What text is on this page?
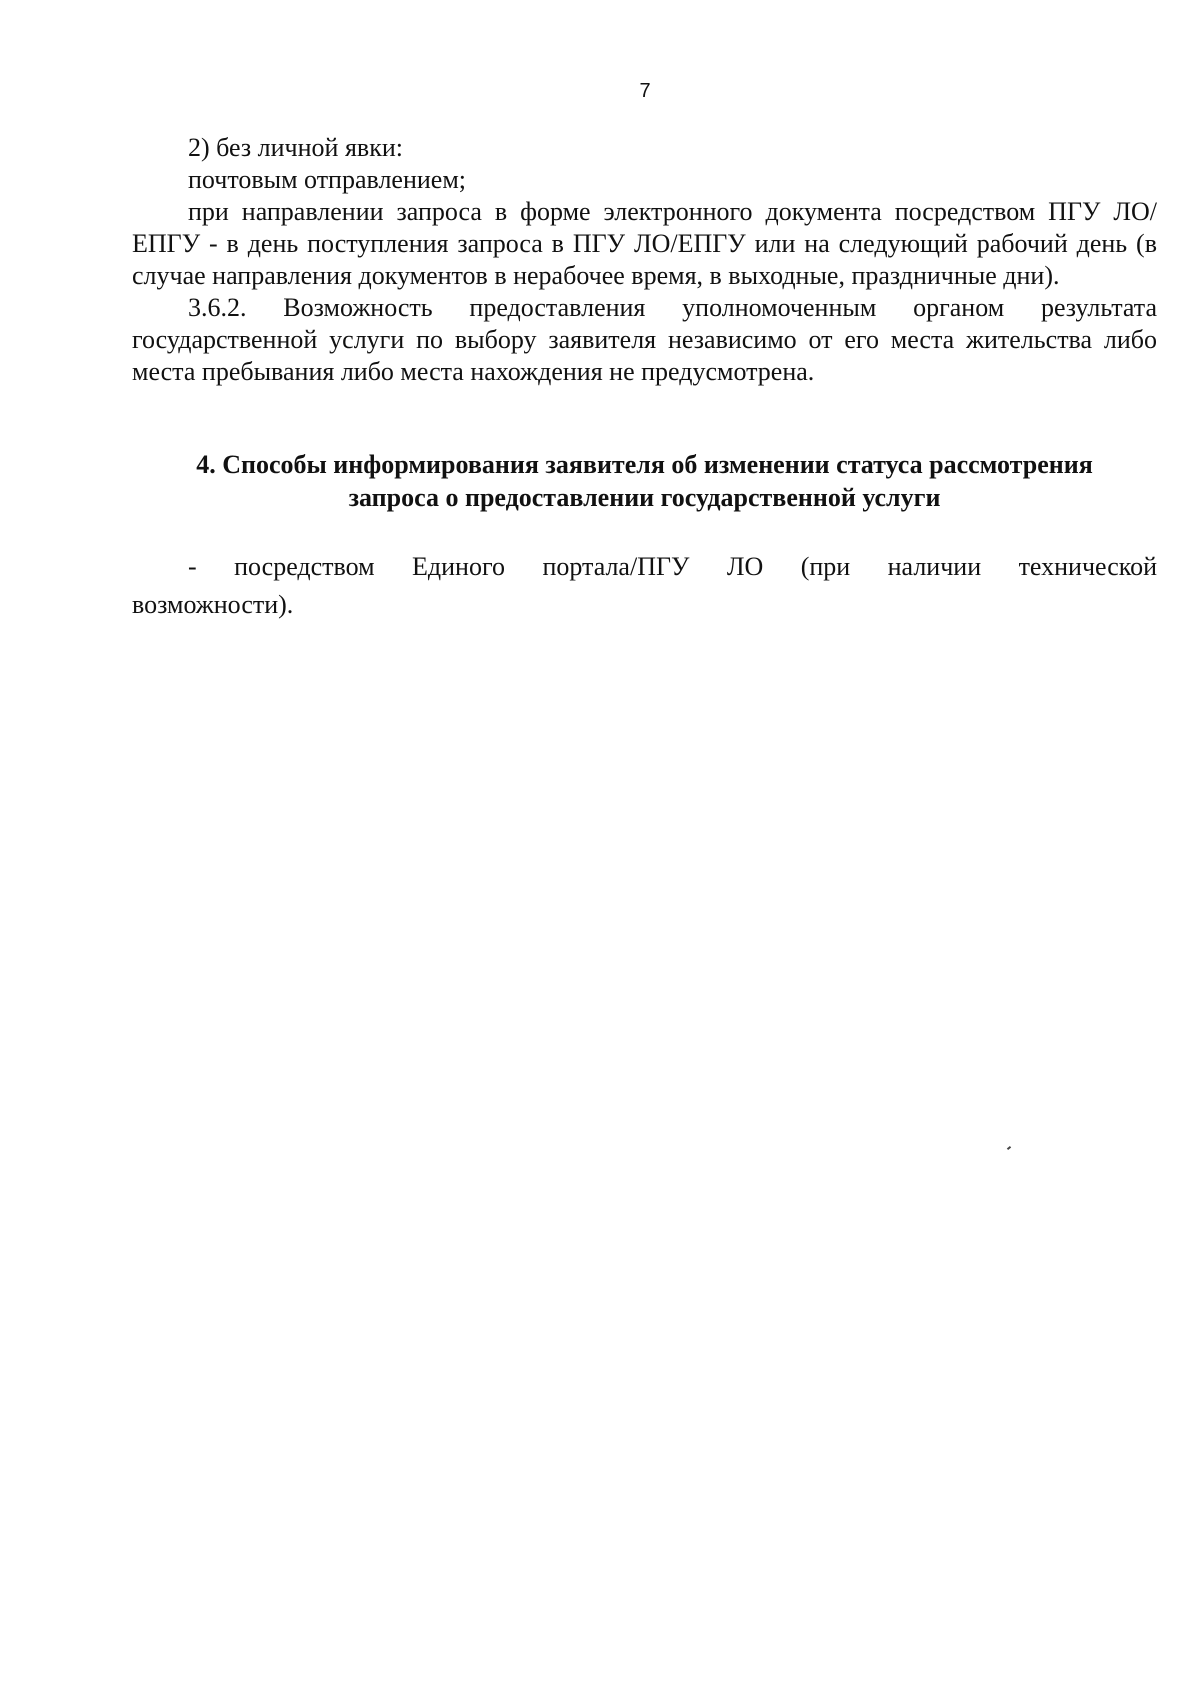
7

2) без личной явки:

почтовым отправлением;

при направлении запроса в форме электронного документа посредством ПГУ ЛО/ЕПГУ - в день поступления запроса в ПГУ ЛО/ЕПГУ или на следующий рабочий день (в случае направления документов в нерабочее время, в выходные, праздничные дни).

3.6.2. Возможность предоставления уполномоченным органом результата государственной услуги по выбору заявителя независимо от его места жительства либо места пребывания либо места нахождения не предусмотрена.

4. Способы информирования заявителя об изменении статуса рассмотрения
запроса о предоставлении государственной услуги

- посредством Единого портала/ПГУ ЛО (при наличии технической возможности).
